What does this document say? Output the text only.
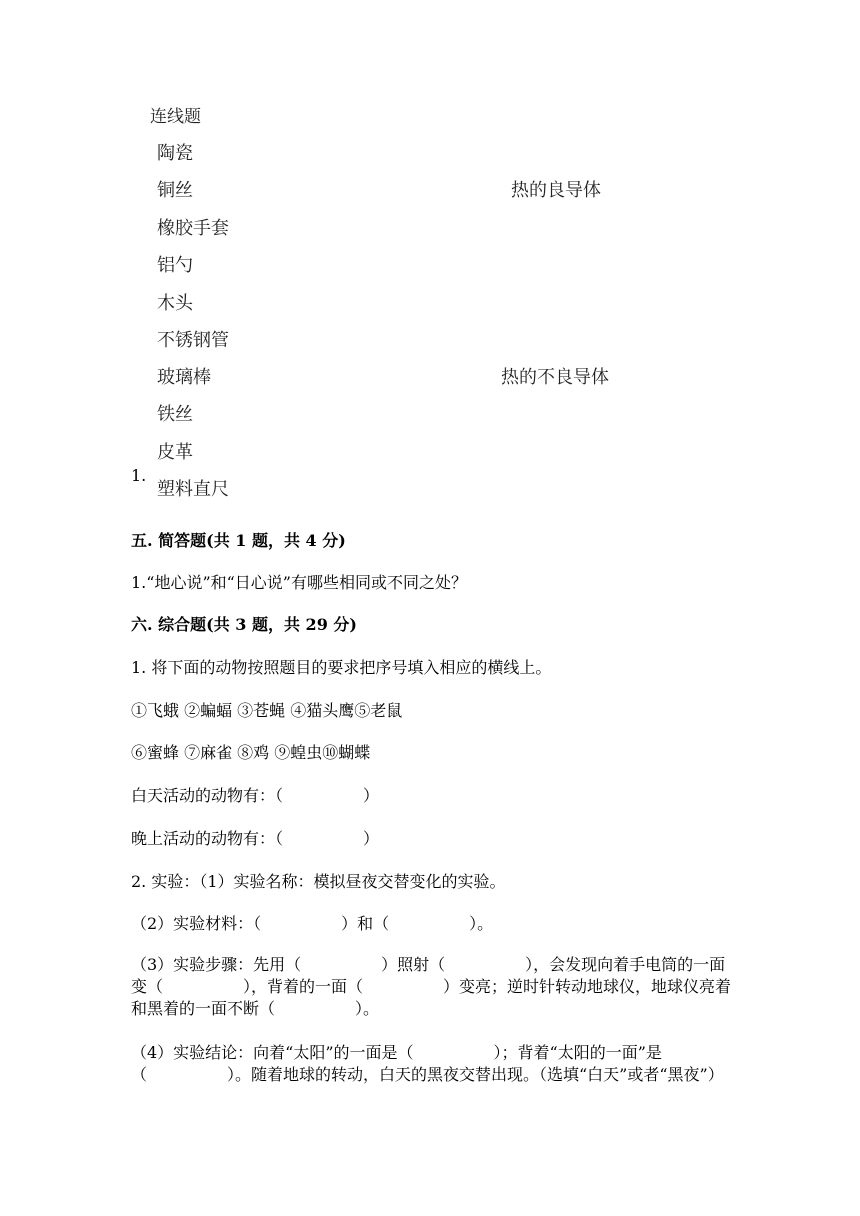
连线题
陶瓷
铜丝
橡胶手套
铝勺
木头
不锈钢管
玻璃棒
铁丝
皮革
塑料直尺
热的良导体
热的不良导体
1.
五. 简答题(共 1 题，共 4 分)
1.“地心说”和“日心说”有哪些相同或不同之处？
六. 综合题(共 3 题，共 29 分)
1. 将下面的动物按照题目的要求把序号填入相应的横线上。
①飞蛾 ②蝙蝠 ③苍蝇 ④猫头鹰⑤老鼠
⑥蜜蜂 ⑦麻雀 ⑧鸡 ⑨蝗虫⑩蝴蝶
白天活动的动物有：（　　　　　）
晚上活动的动物有：（　　　　　）
2. 实验：（1）实验名称：模拟昼夜交替变化的实验。
（2）实验材料：（　　　　　）和（　　　　　）。
（3）实验步骤：先用（　　　　　）照射（　　　　　），会发现向着手电筒的一面变（　　　　　），背着的一面（　　　　　）变亮；逆时针转动地球仪，地球仪亮着和黑着的一面不断（　　　　　）。
（4）实验结论：向着“太阳”的一面是（　　　　　）；背着“太阳的一面”是（　　　　　）。随着地球的转动，白天的黑夜交替出现。（选填“白天”或者“黑夜”）
